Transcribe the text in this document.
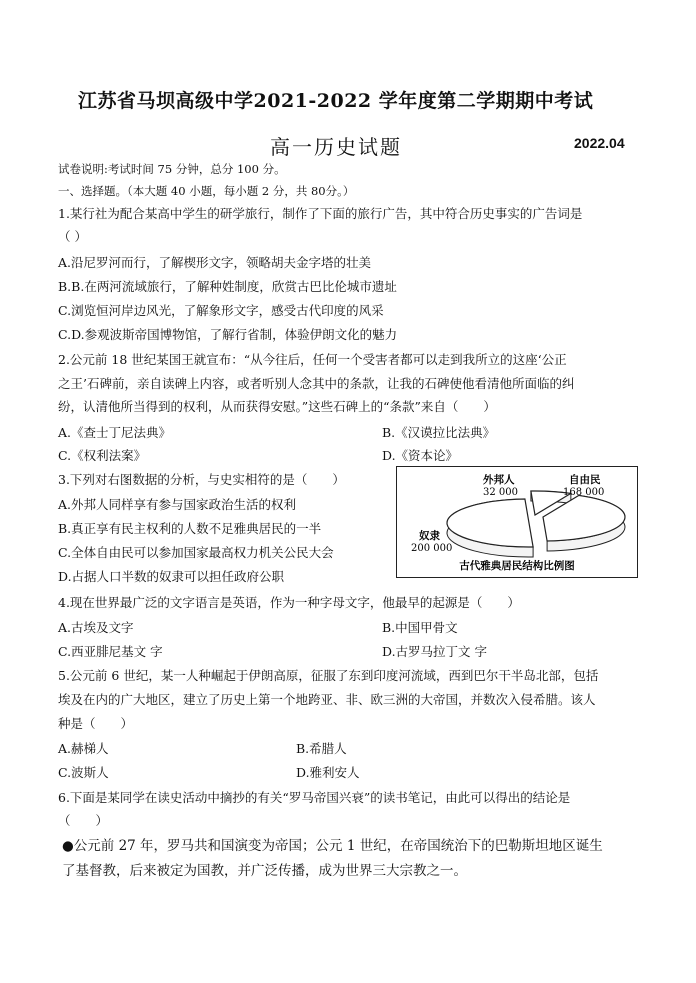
江苏省马坝高级中学2021-2022 学年度第二学期期中考试
高一历史试题	2022.04
试卷说明:考试时间 75 分钟，总分 100 分。
一、选择题。（本大题 40 小题，每小题 2 分，共 80分。）
1.某行社为配合某高中学生的研学旅行，制作了下面的旅行广告，其中符合历史事实的广告词是
（ ）
A.沿尼罗河而行，了解楔形文字，领略胡夫金字塔的壮美
B.B.在两河流域旅行，了解种姓制度，欣赏古巴比伦城市遗址
C.浏览恒河岸边风光，了解象形文字，感受古代印度的风采
C.D.参观波斯帝国博物馆，了解行省制，体验伊朗文化的魅力
2.公元前 18 世纪某国王就宣布：“从今往后，任何一个受害者都可以走到我所立的这座‘公正
之王’石碑前，亲自读碑上内容，或者听别人念其中的条款，让我的石碑使他看清他所面临的纠
纷，认清他所当得到的权利，从而获得安慰。”这些石碑上的“条款”来自（　　）
A.《查士丁尼法典》	B.《汉谟拉比法典》
C.《权利法案》	D.《资本论》
3.下列对右图数据的分析，与史实相符的是（　　）
A.外邦人同样享有参与国家政治生活的权利
B.真正享有民主权利的人数不足雅典居民的一半
C.全体自由民可以参加国家最高权力机关公民大会
D.占据人口半数的奴隶可以担任政府公职
外邦人
32 000
自由民
168 000
奴隶
200 000
古代雅典居民结构比例图
4.现在世界最广泛的文字语言是英语，作为一种字母文字，他最早的起源是（　　）
A.古埃及文字	B.中国甲骨文
C.西亚腓尼基文 字	D.古罗马拉丁文 字
5.公元前 6 世纪，某一人种崛起于伊朗高原，征服了东到印度河流域，西到巴尔干半岛北部，包括
埃及在内的广大地区，建立了历史上第一个地跨亚、非、欧三洲的大帝国，并数次入侵希腊。该人
种是（　　）
A.赫梯人	B.希腊人
C.波斯人	D.雅利安人
6.下面是某同学在读史活动中摘抄的有关“罗马帝国兴衰”的读书笔记，由此可以得出的结论是
（　　）
●公元前 27 年，罗马共和国演变为帝国；公元 1 世纪，在帝国统治下的巴勒斯坦地区诞生
了基督教，后来被定为国教，并广泛传播，成为世界三大宗教之一。
